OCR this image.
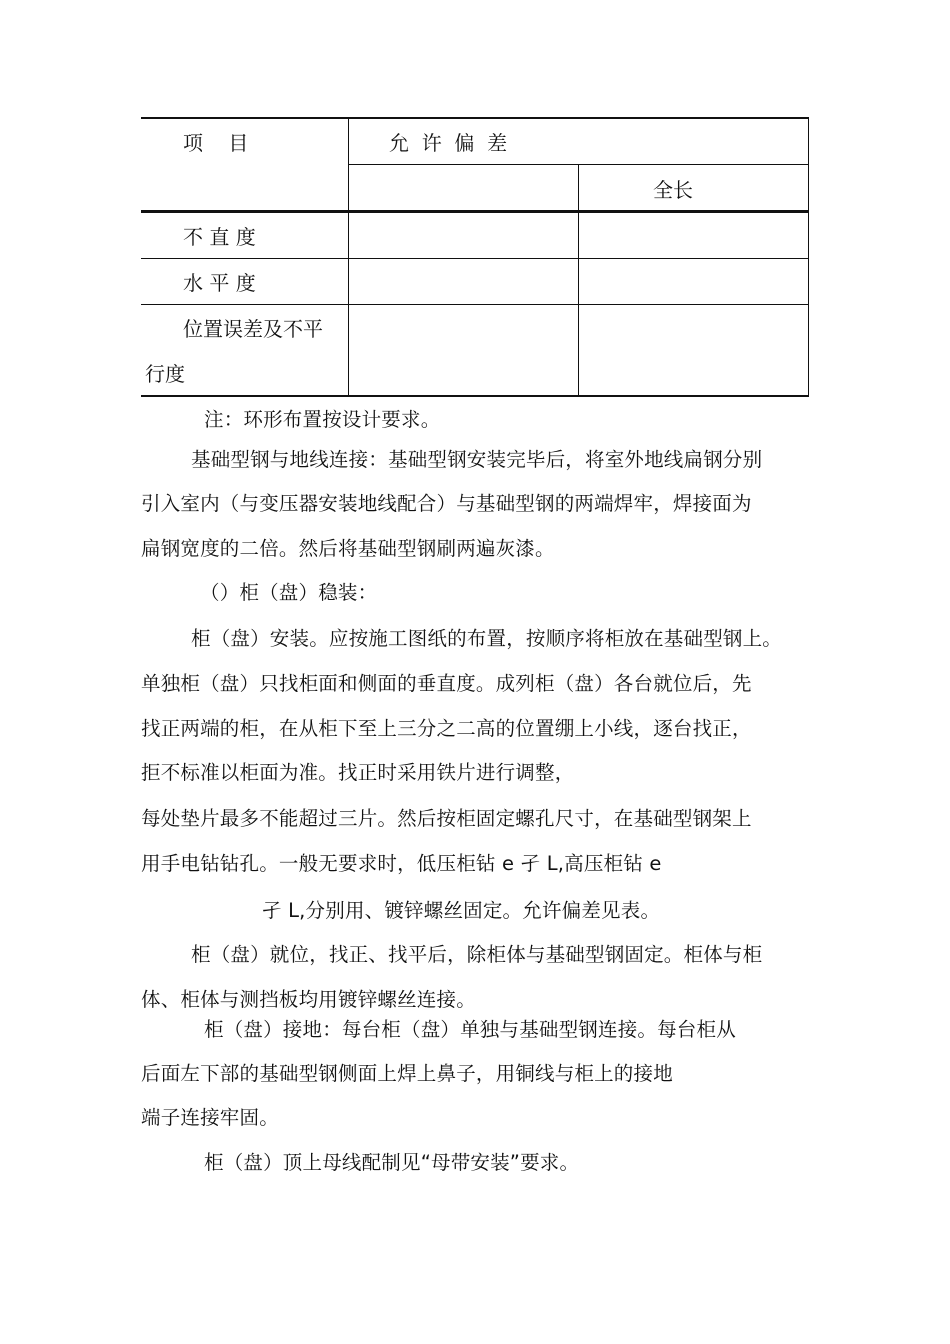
项    目	允  许  偏  差
全长
不 直 度
水 平 度
位置误差及不平
行度
注：环形布置按设计要求。
基础型钢与地线连接：基础型钢安装完毕后，将室外地线扁钢分别
引入室内（与变压器安装地线配合）与基础型钢的两端焊牢，焊接面为
扁钢宽度的二倍。然后将基础型钢刷两遍灰漆。
（）柜（盘）稳装：
柜（盘）安装。应按施工图纸的布置，按顺序将柜放在基础型钢上。
单独柜（盘）只找柜面和侧面的垂直度。成列柜（盘）各台就位后，先
找正两端的柜，在从柜下至上三分之二高的位置绷上小线，逐台找正，
拒不标准以柜面为准。找正时采用铁片进行调整，
每处垫片最多不能超过三片。然后按柜固定螺孔尺寸，在基础型钢架上
用手电钻钻孔。一般无要求时，低压柜钻 e 孑 L,高压柜钻 e
孑 L,分别用、镀锌螺丝固定。允许偏差见表。
柜（盘）就位，找正、找平后，除柜体与基础型钢固定。柜体与柜
体、柜体与测挡板均用镀锌螺丝连接。
柜（盘）接地：每台柜（盘）单独与基础型钢连接。每台柜从
后面左下部的基础型钢侧面上焊上鼻子，用铜线与柜上的接地
端子连接牢固。
柜（盘）顶上母线配制见“母带安装”要求。
